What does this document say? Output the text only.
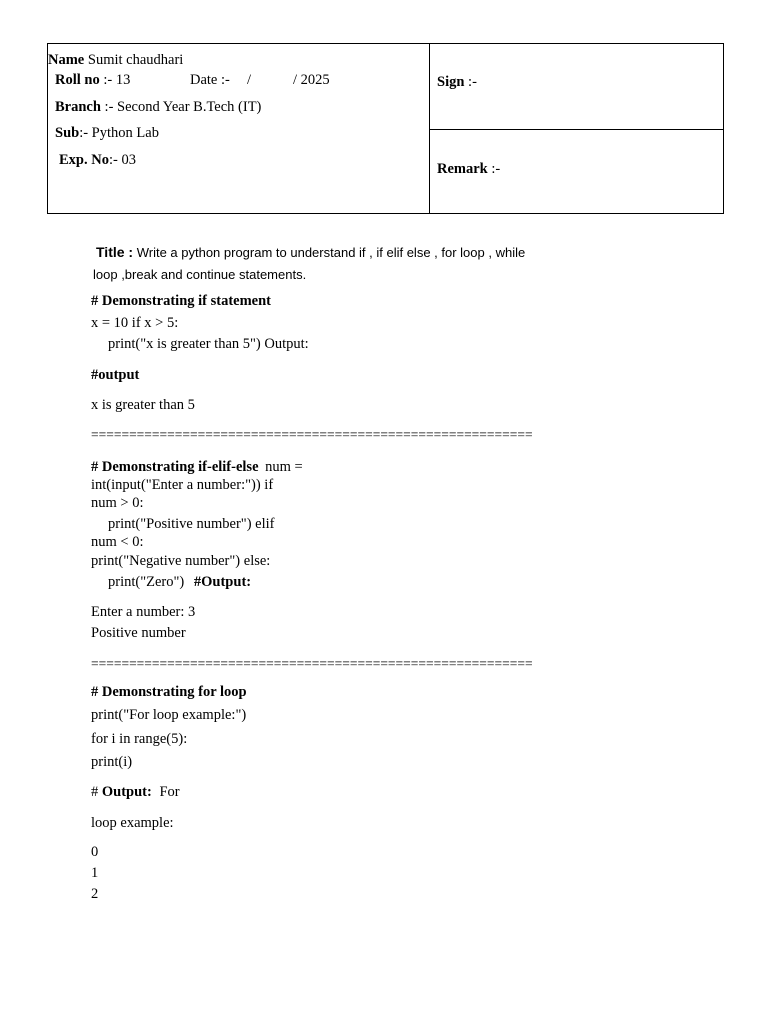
Name Sumit chaudhari
Roll no :- 13	Date :- /	/ 2025
Branch :- Second Year B.Tech (IT)
Sub:- Python Lab
Exp. No:- 03
Sign :-
Remark :-
Title : Write a python program to understand if , if elif else , for loop , while
loop ,break and continue statements.
# Demonstrating if statement
x = 10 if x > 5:
print("x is greater than 5") Output:
#output
x is greater than 5
==========================================================
# Demonstrating if-elif-else num =
int(input("Enter a number:")) if
num > 0:
print("Positive number") elif
num < 0:
print("Negative number") else:
print("Zero") #Output:
Enter a number: 3
Positive number
==========================================================
# Demonstrating for loop
print("For loop example:")
for i in range(5):
print(i)
# Output: For
loop example:
0
1
2
